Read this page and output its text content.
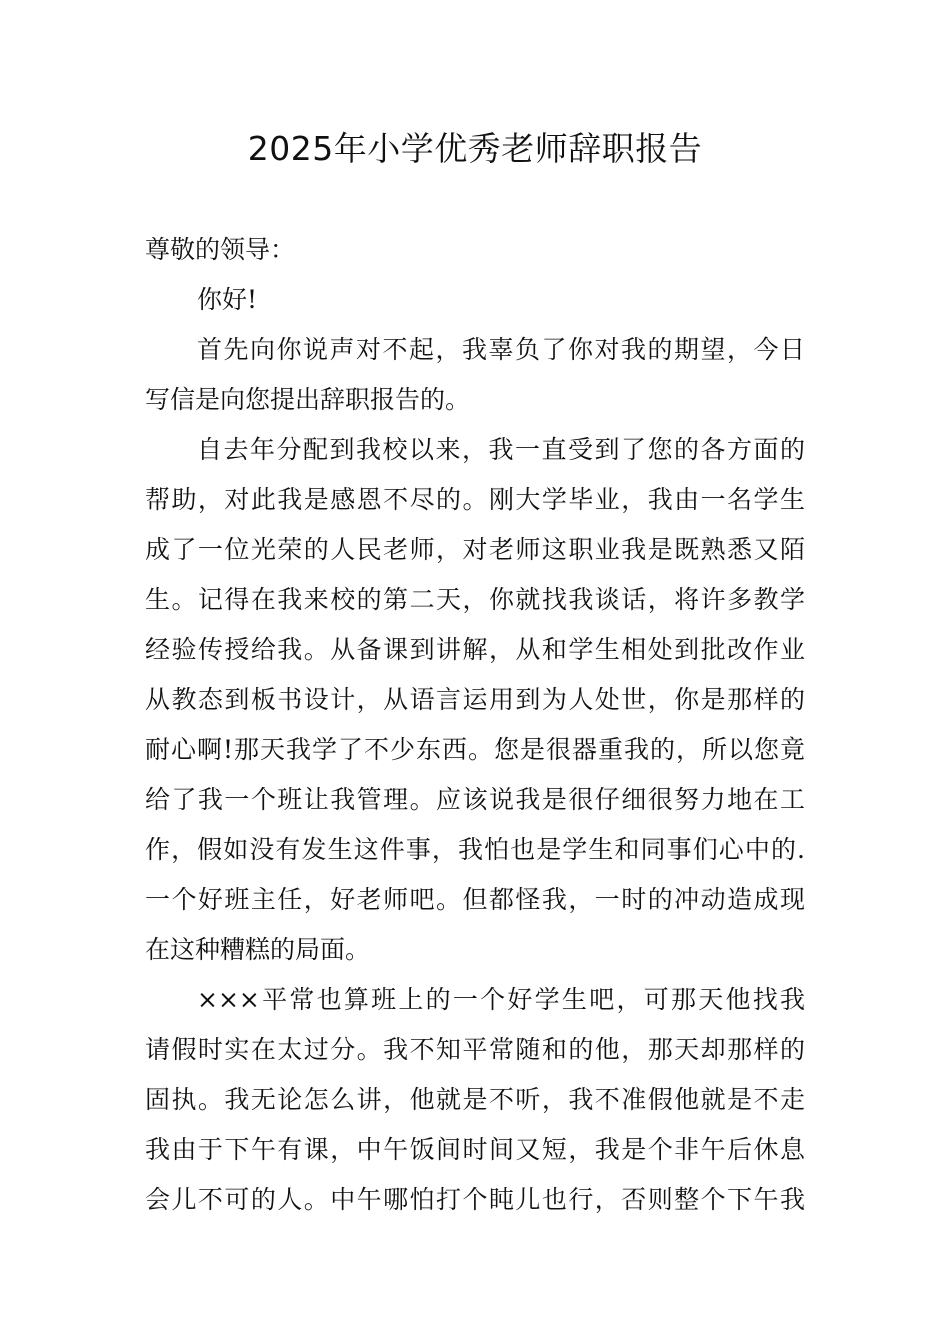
2025年小学优秀老师辞职报告
尊敬的领导：
你好!
首先向你说声对不起，我辜负了你对我的期望，今日
写信是向您提出辞职报告的。
自去年分配到我校以来，我一直受到了您的各方面的
帮助，对此我是感恩不尽的。刚大学毕业，我由一名学生
成了一位光荣的人民老师，对老师这职业我是既熟悉又陌
生。记得在我来校的第二天，你就找我谈话，将许多教学
经验传授给我。从备课到讲解，从和学生相处到批改作业
从教态到板书设计，从语言运用到为人处世，你是那样的
耐心啊!那天我学了不少东西。您是很器重我的，所以您竟
给了我一个班让我管理。应该说我是很仔细很努力地在工
作，假如没有发生这件事，我怕也是学生和同事们心中的.
一个好班主任，好老师吧。但都怪我，一时的冲动造成现
在这种糟糕的局面。
×××平常也算班上的一个好学生吧，可那天他找我
请假时实在太过分。我不知平常随和的他，那天却那样的
固执。我无论怎么讲，他就是不听，我不准假他就是不走
我由于下午有课，中午饭间时间又短，我是个非午后休息
会儿不可的人。中午哪怕打个盹儿也行，否则整个下午我
